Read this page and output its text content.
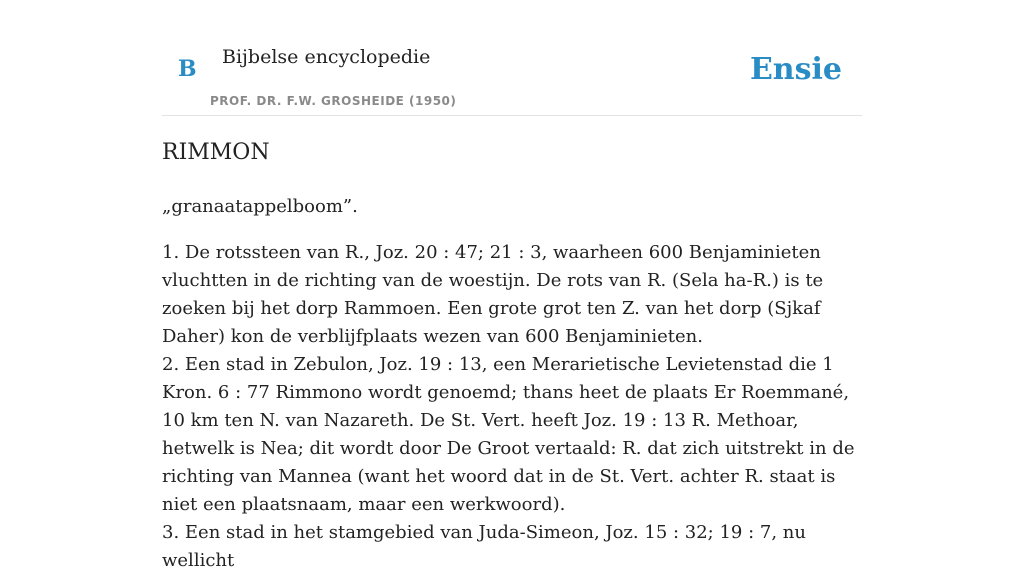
B Bijbelse encyclopedie
PROF. DR. F.W. GROSHEIDE (1950)
Ensie
RIMMON

„granaatappelboom”.

1. De rotssteen van R., Joz. 20 : 47; 21 : 3, waarheen 600 Benjaminieten vluchtten in de richting van de woestijn. De rots van R. (Sela ha-R.) is te zoeken bij het dorp Rammoen. Een grote grot ten Z. van het dorp (Sjkaf Daher) kon de verblijfplaats wezen van 600 Benjaminieten.

2. Een stad in Zebulon, Joz. 19 : 13, een Merarietische Levietenstad die 1 Kron. 6 : 77 Rimmono wordt genoemd; thans heet de plaats Er Roemmané, 10 km ten N. van Nazareth. De St. Vert. heeft Joz. 19 : 13 R. Methoar, hetwelk is Nea; dit wordt door De Groot vertaald: R. dat zich uitstrekt in de richting van Mannea (want het woord dat in de St. Vert. achter R. staat is niet een plaatsnaam, maar een werkwoord).

3. Een stad in het stamgebied van Juda-Simeon, Joz. 15 : 32; 19 : 7, nu wellicht
